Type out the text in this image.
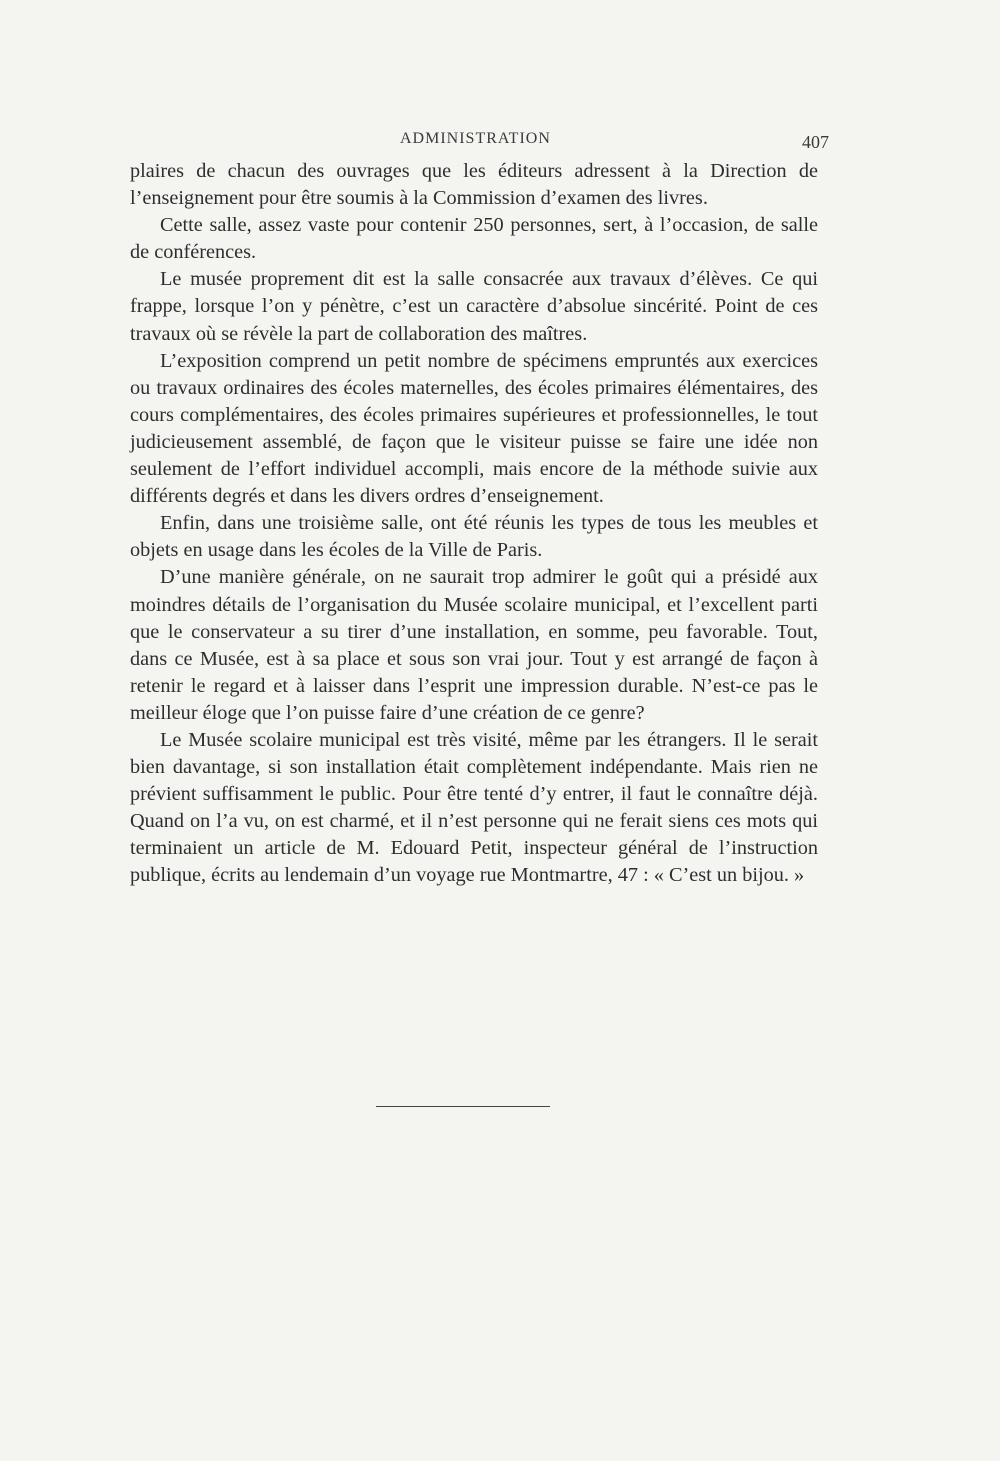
ADMINISTRATION	407

plaires de chacun des ouvrages que les éditeurs adressent à la Direction de l’enseignement pour être soumis à la Commission d’examen des livres.

Cette salle, assez vaste pour contenir 250 personnes, sert, à l’occasion, de salle de conférences.

Le musée proprement dit est la salle consacrée aux travaux d’élèves. Ce qui frappe, lorsque l’on y pénètre, c’est un caractère d’absolue sincérité. Point de ces travaux où se révèle la part de collaboration des maîtres.

L’exposition comprend un petit nombre de spécimens empruntés aux exercices ou travaux ordinaires des écoles maternelles, des écoles primaires élémentaires, des cours complémentaires, des écoles primaires supérieures et professionnelles, le tout judicieusement assemblé, de façon que le visiteur puisse se faire une idée non seulement de l’effort individuel accompli, mais encore de la méthode suivie aux différents degrés et dans les divers ordres d’enseignement.

Enfin, dans une troisième salle, ont été réunis les types de tous les meubles et objets en usage dans les écoles de la Ville de Paris.

D’une manière générale, on ne saurait trop admirer le goût qui a présidé aux moindres détails de l’organisation du Musée scolaire municipal, et l’excellent parti que le conservateur a su tirer d’une installation, en somme, peu favorable. Tout, dans ce Musée, est à sa place et sous son vrai jour. Tout y est arrangé de façon à retenir le regard et à laisser dans l’esprit une impression durable. N’est-ce pas le meilleur éloge que l’on puisse faire d’une création de ce genre?

Le Musée scolaire municipal est très visité, même par les étrangers. Il le serait bien davantage, si son installation était complètement indépendante. Mais rien ne prévient suffisamment le public. Pour être tenté d’y entrer, il faut le connaître déjà. Quand on l’a vu, on est charmé, et il n’est personne qui ne ferait siens ces mots qui terminaient un article de M. Edouard Petit, inspecteur général de l’instruction publique, écrits au lendemain d’un voyage rue Montmartre, 47 : « C’est un bijou. »
